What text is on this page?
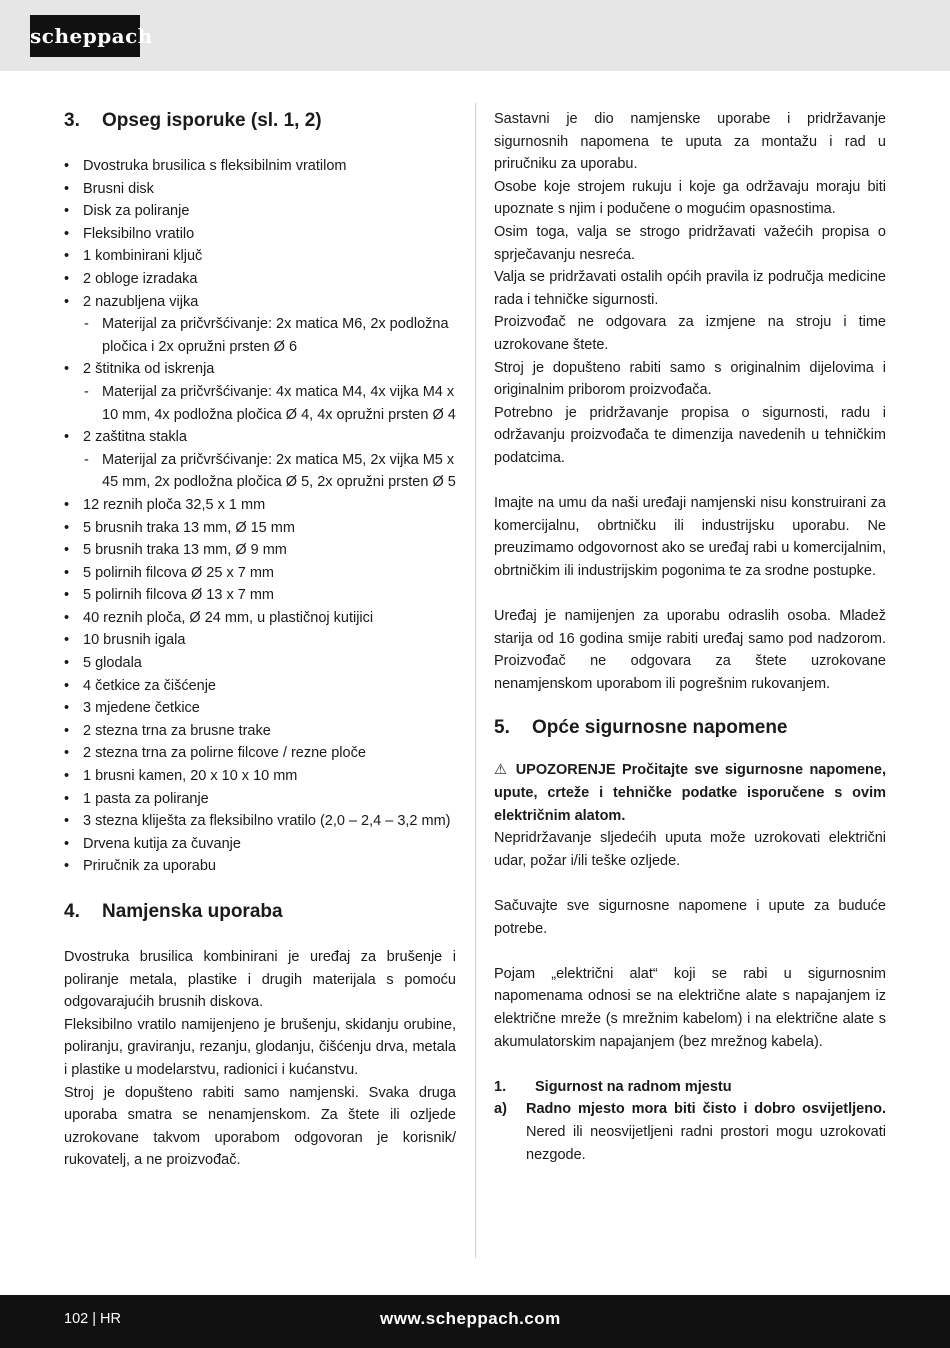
scheppach
3. Opseg isporuke (sl. 1, 2)
• Dvostruka brusilica s fleksibilnim vratilom
• Brusni disk
• Disk za poliranje
• Fleksibilno vratilo
• 1 kombinirani ključ
• 2 obloge izradaka
• 2 nazubljena vijka
- Materijal za pričvršćivanje: 2x matica M6, 2x podložna pločica i 2x opružni prsten Ø 6
• 2 štitnika od iskrenja
- Materijal za pričvršćivanje: 4x matica M4, 4x vijka M4 x 10 mm, 4x podložna pločica Ø 4, 4x opružni prsten Ø 4
• 2 zaštitna stakla
- Materijal za pričvršćivanje: 2x matica M5, 2x vijka M5 x 45 mm, 2x podložna pločica Ø 5, 2x opružni prsten Ø 5
• 12 reznih ploča 32,5 x 1 mm
• 5 brusnih traka 13 mm, Ø 15 mm
• 5 brusnih traka 13 mm, Ø 9 mm
• 5 polirnih filcova Ø 25 x 7 mm
• 5 polirnih filcova Ø 13 x 7 mm
• 40 reznih ploča, Ø 24 mm, u plastičnoj kutijici
• 10 brusnih igala
• 5 glodala
• 4 četkice za čišćenje
• 3 mjedene četkice
• 2 stezna trna za brusne trake
• 2 stezna trna za polirne filcove / rezne ploče
• 1 brusni kamen, 20 x 10 x 10 mm
• 1 pasta za poliranje
• 3 stezna kliješta za fleksibilno vratilo (2,0 – 2,4 – 3,2 mm)
• Drvena kutija za čuvanje
• Priručnik za uporabu
4. Namjenska uporaba

Dvostruka brusilica kombinirani je uređaj za brušenje i poliranje metala, plastike i drugih materijala s pomoću odgovarajućih brusnih diskova.

Fleksibilno vratilo namijenjeno je brušenju, skidanju orubine, poliranju, graviranju, rezanju, glodanju, čišćenju drva, metala i plastike u modelarstvu, radionici i kućanstvu.

Stroj je dopušteno rabiti samo namjenski. Svaka druga uporaba smatra se nenamjenskom. Za štete ili ozljede uzrokovane takvom uporabom odgovoran je korisnik/ rukovatelj, a ne proizvođač.

Sastavni je dio namjenske uporabe i pridržavanje sigurnosnih napomena te uputa za montažu i rad u priručniku za uporabu.

Osobe koje strojem rukuju i koje ga održavaju moraju biti upoznate s njim i podučene o mogućim opasnostima.

Osim toga, valja se strogo pridržavati važećih propisa o sprječavanju nesreća.

Valja se pridržavati ostalih općih pravila iz područja medicine rada i tehničke sigurnosti.

Proizvođač ne odgovara za izmjene na stroju i time uzrokovane štete.

Stroj je dopušteno rabiti samo s originalnim dijelovima i originalnim priborom proizvođača.

Potrebno je pridržavanje propisa o sigurnosti, radu i održavanju proizvođača te dimenzija navedenih u tehničkim podatcima.

Imajte na umu da naši uređaji namjenski nisu konstruirani za komercijalnu, obrtničku ili industrijsku uporabu. Ne preuzimamo odgovornost ako se uređaj rabi u komercijalnim, obrtničkim ili industrijskim pogonima te za srodne postupke.

Uređaj je namijenjen za uporabu odraslih osoba. Mladež starija od 16 godina smije rabiti uređaj samo pod nadzorom. Proizvođač ne odgovara za štete uzrokovane nenamjenskom uporabom ili pogrešnim rukovanjem.

5. Opće sigurnosne napomene

⚠ UPOZORENJE Pročitajte sve sigurnosne napomene, upute, crteže i tehničke podatke isporučene s ovim električnim alatom.

Nepridržavanje sljedećih uputa može uzrokovati električni udar, požar i/ili teške ozljede.

Sačuvajte sve sigurnosne napomene i upute za buduće potrebe.

Pojam „električni alat“ koji se rabi u sigurnosnim napomenama odnosi se na električne alate s napajanjem iz električne mreže (s mrežnim kabelom) i na električne alate s akumulatorskim napajanjem (bez mrežnog kabela).

1.	Sigurnost na radnom mjestu
a)	Radno mjesto mora biti čisto i dobro osvijetljeno. Nered ili neosvijetljeni radni prostori mogu uzrokovati nezgode.
102 | HR	www.scheppach.com
